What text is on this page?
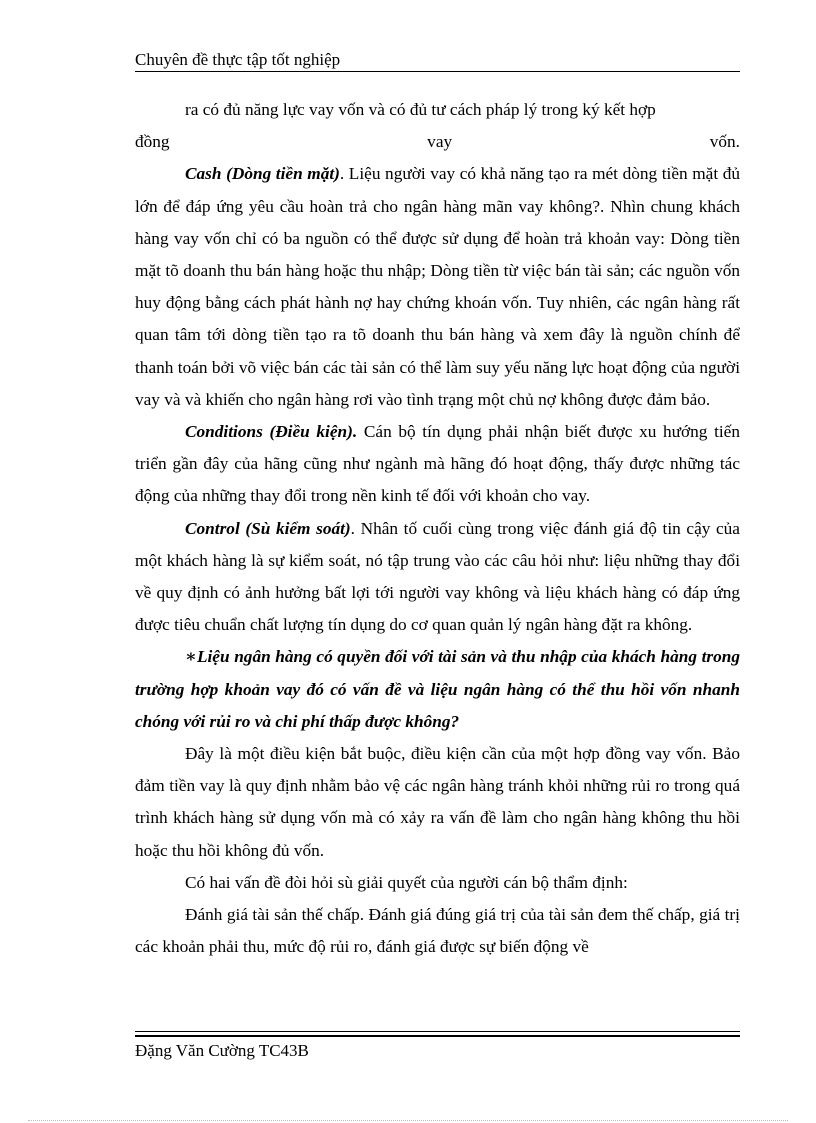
Chuyên đề thực tập tốt nghiệp

ra có đủ năng lực vay vốn và có đủ tư cách pháp lý trong ký kết hợp

đồng	vay	vốn.

Cash (Dòng tiền mặt). Liệu người vay có khả năng tạo ra mét dòng tiền mặt đủ lớn để đáp ứng yêu cầu hoàn trả cho ngân hàng mãn vay không?. Nhìn chung khách hàng vay vốn chỉ có ba nguồn có thể được sử dụng để hoàn trả khoản vay: Dòng tiền mặt tõ doanh thu bán hàng hoặc thu nhập; Dòng tiền từ việc bán tài sản; các nguồn vốn huy động bằng cách phát hành nợ hay chứng khoán vốn. Tuy nhiên, các ngân hàng rất quan tâm tới dòng tiền tạo ra tõ doanh thu bán hàng và xem đây là nguồn chính để thanh toán bởi võ việc bán các tài sản có thể làm suy yếu năng lực hoạt động của người vay và và khiến cho ngân hàng rơi vào tình trạng một chủ nợ không được đảm bảo.

Conditions (Điều kiện). Cán bộ tín dụng phải nhận biết được xu hướng tiến triển gần đây của hãng cũng như ngành mà hãng đó hoạt động, thấy được những tác động của những thay đổi trong nền kinh tế đối với khoản cho vay.

Control (Sù kiểm soát). Nhân tố cuối cùng trong việc đánh giá độ tin cậy của một khách hàng là sự kiểm soát, nó tập trung vào các câu hỏi như: liệu những thay đổi về quy định có ảnh hưởng bất lợi tới người vay không và liệu khách hàng có đáp ứng được tiêu chuẩn chất lượng tín dụng do cơ quan quản lý ngân hàng đặt ra không.

∗Liệu ngân hàng có quyền đối với tài sản và thu nhập của khách hàng trong trường hợp khoản vay đó có vấn đề và liệu ngân hàng có thể thu hồi vốn nhanh chóng với rủi ro và chi phí thấp được không?

Đây là một điều kiện bắt buộc, điều kiện cần của một hợp đồng vay vốn. Bảo đảm tiền vay là quy định nhằm bảo vệ các ngân hàng tránh khỏi những rủi ro trong quá trình khách hàng sử dụng vốn mà có xảy ra vấn đề làm cho ngân hàng không thu hồi hoặc thu hồi không đủ vốn.

Có hai vấn đề đòi hỏi sù giải quyết của người cán bộ thẩm định:

Đánh giá tài sản thế chấp. Đánh giá đúng giá trị của tài sản đem thế chấp, giá trị các khoản phải thu, mức độ rủi ro, đánh giá được sự biến động về

Đặng Văn Cường TC43B
